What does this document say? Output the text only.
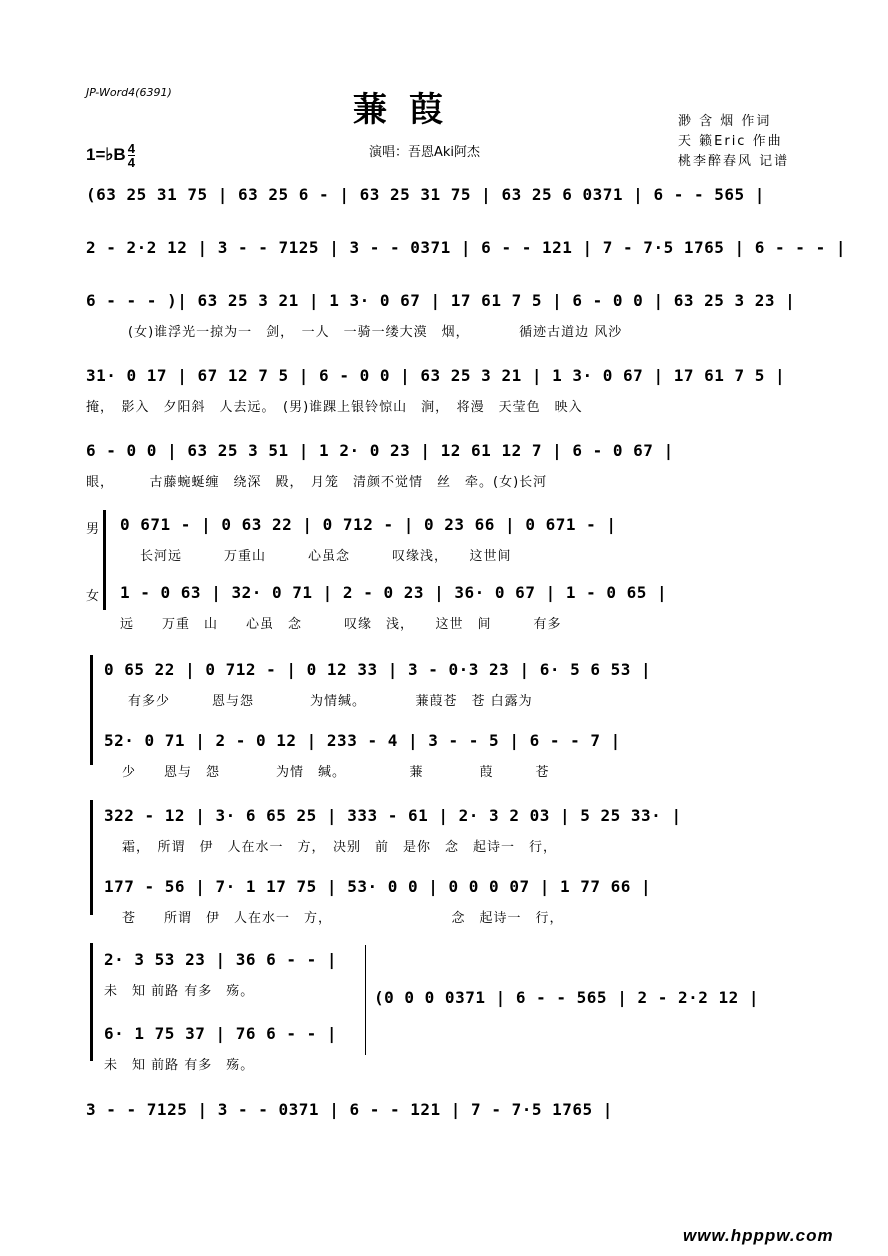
JP-Word4(6391)	蒹葭
1=♭B $\frac{4}{4}$	演唱：吾恩Aki阿杰
渺 含 烟 作词
天 籁Eric 作曲
桃李醉春风 记谱
(63 25 31 75 | 63 25 6 - | 63 25 31 75 | 63 25 6 0371 | 6 - - 565 |
2 - 2·2 12 | 3 - - 7125 | 3 - - 0371 | 6 - - 121 | 7 - 7·5 1765 | 6 - - - |
6 - - - )| 63 25 3 21 | 1 3· 0 67 | 17 61 7 5 | 6 - 0 0 | 63 25 3 23 |
(女)谁浮光一掠为一　剑，　一人　一骑一缕大漠　烟，　　　　循迹古道边 风沙
31· 0 17 | 67 12 7 5 | 6 - 0 0 | 63 25 3 21 | 1 3· 0 67 | 17 61 7 5 |
掩，　影入　夕阳斜　人去远。　(男)谁踝上银铃惊山　涧，　将漫　天莹色　映入
6 - 0 0 | 63 25 3 51 | 1 2· 0 23 | 12 61 12 7 | 6 - 0 67 |
眼，　　　古藤蜿蜒缠　绕深　殿，　月笼　清颜不觉情　丝　牵。(女)长河
男
女
0 671 - | 0 63 22 | 0 712 - | 0 23 66 | 0 671 - |
长河远　　　万重山　　　心虽念　　　叹缘浅，　　这世间
1 - 0 63 | 32· 0 71 | 2 - 0 23 | 36· 0 67 | 1 - 0 65 |
远　　万重　山　　心虽　念　　　叹缘　浅，　　这世　间　　　有多
0 65 22 | 0 712 - | 0 12 33 | 3 - 0·3 23 | 6· 5 6 53 |
有多少　　　恩与怨　　　　为情缄。　　　　蒹葭苍　苍 白露为
52· 0 71 | 2 - 0 12 | 233 - 4 | 3 - - 5 | 6 - - 7 |
少　　恩与　怨　　　　为情　缄。　　　　　蒹　　　　葭　　　苍
322 - 12 | 3· 6 65 25 | 333 - 61 | 2· 3 2 03 | 5 25 33· |
霜，　所谓　伊　人在水一　方，　决别　前　是你　念　起诗一　行，
177 - 56 | 7· 1 17 75 | 53· 0 0 | 0 0 0 07 | 1 77 66 |
苍　　所谓　伊　人在水一　方，　　　　　　　　　念　起诗一　行，
2· 3 53 23 | 36 6 - - |
未　知 前路 有多　殇。
6· 1 75 37 | 76 6 - - |
未　知 前路 有多　殇。
(0 0 0 0371 | 6 - - 565 | 2 - 2·2 12 |
3 - - 7125 | 3 - - 0371 | 6 - - 121 | 7 - 7·5 1765 |
www.hpppw.com
